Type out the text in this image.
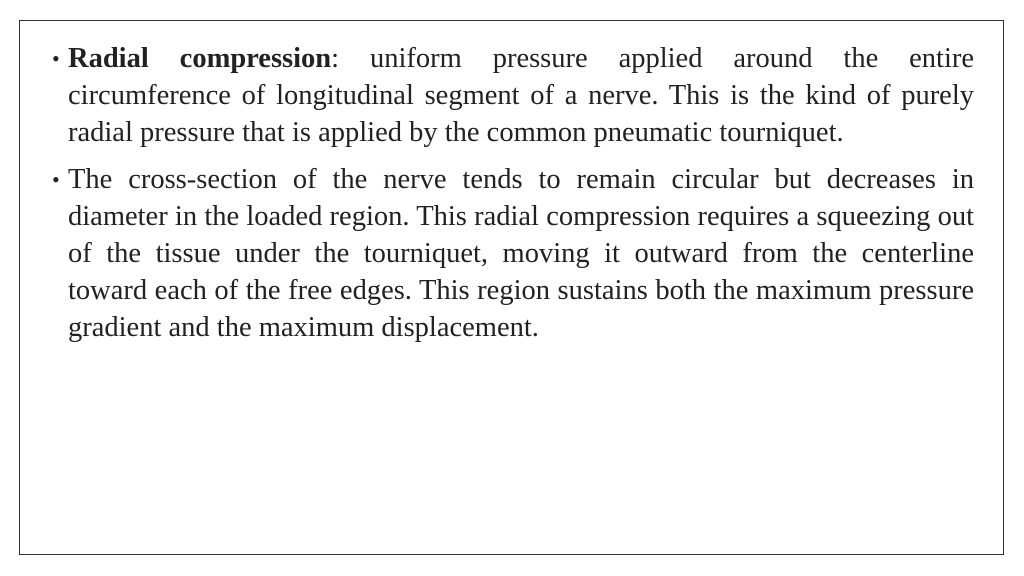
• Radial compression: uniform pressure applied around the entire circumference of longitudinal segment of a nerve. This is the kind of purely radial pressure that is applied by the common pneumatic tourniquet.
• The cross-section of the nerve tends to remain circular but decreases in diameter in the loaded region. This radial compression requires a squeezing out of the tissue under the tourniquet, moving it outward from the centerline toward each of the free edges. This region sustains both the maximum pressure gradient and the maximum displacement.
